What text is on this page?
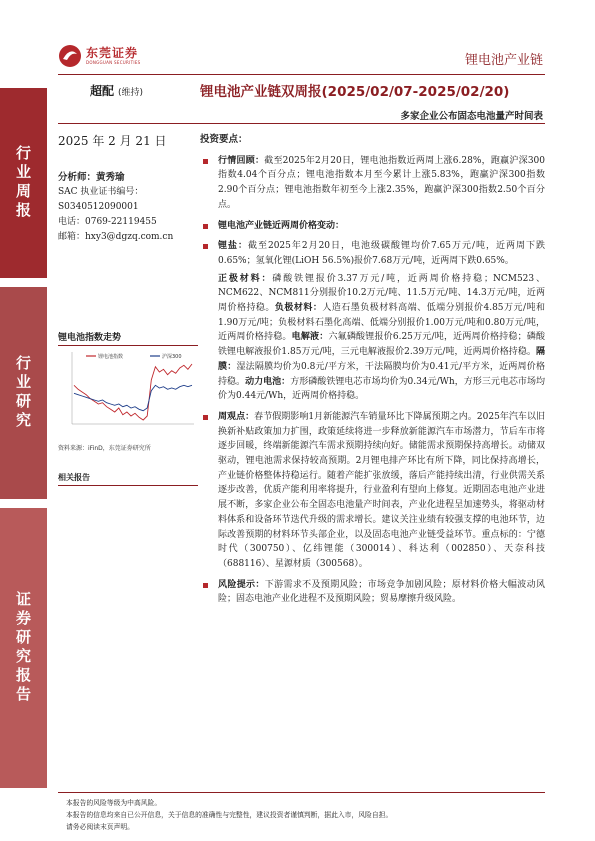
东莞证券
DONGGUAN SECURITIES	锂电池产业链
行业周报
行业研究
证券研究报告
超配 (维持)	锂电池产业链双周报(2025/02/07-2025/02/20)
多家企业公布固态电池量产时间表
2025 年 2 月 21 日
分析师：黄秀瑜
SAC 执业证书编号：
S0340512090001
电话：0769-22119455
邮箱：hxy3@dgzq.com.cn
锂电池指数走势
锂电池指数	沪深300
资料来源：iFinD，东莞证券研究所
相关报告
投资要点：
行情回顾：截至2025年2月20日，锂电池指数近两周上涨6.28%，跑赢沪深300指数4.04个百分点；锂电池指数本月至今累计上涨5.83%，跑赢沪深300指数2.90个百分点；锂电池指数年初至今上涨2.35%，跑赢沪深300指数2.50个百分点。
锂电池产业链近两周价格变动：
锂盐：截至2025年2月20日，电池级碳酸锂均价7.65万元/吨，近两周下跌0.65%；氢氧化锂(LiOH 56.5%)报价7.68万元/吨，近两周下跌0.65%。
正极材料：磷酸铁锂报价3.37万元/吨，近两周价格持稳；NCM523、NCM622、NCM811分别报价10.2万元/吨、11.5万元/吨、14.3万元/吨，近两周价格持稳。负极材料：人造石墨负极材料高端、低端分别报价4.85万元/吨和1.90万元/吨；负极材料石墨化高端、低端分别报价1.00万元/吨和0.80万元/吨，近两周价格持稳。电解液：六氟磷酸锂报价6.25万元/吨，近两周价格持稳；磷酸铁锂电解液报价1.85万元/吨，三元电解液报价2.39万元/吨，近两周价格持稳。隔膜：湿法隔膜均价为0.8元/平方米，干法隔膜均价为0.41元/平方米，近两周价格持稳。动力电池：方形磷酸铁锂电芯市场均价为0.34元/Wh，方形三元电芯市场均价为0.44元/Wh，近两周价格持稳。
周观点：春节假期影响1月新能源汽车销量环比下降属预期之内。2025年汽车以旧换新补贴政策加力扩围，政策延续将进一步释放新能源汽车市场潜力，节后车市将逐步回暖，终端新能源汽车需求预期持续向好。储能需求预期保持高增长。动储双驱动，锂电池需求保持较高预期。2月锂电排产环比有所下降，同比保持高增长，产业链价格整体持稳运行。随着产能扩张放缓，落后产能持续出清，行业供需关系逐步改善，优质产能利用率将提升，行业盈利有望向上修复。近期固态电池产业进展不断，多家企业公布全固态电池量产时间表，产业化进程呈加速势头，将驱动材料体系和设备环节迭代升级的需求增长。建议关注业绩有较强支撑的电池环节，边际改善预期的材料环节头部企业，以及固态电池产业链受益环节。重点标的：宁德时代（300750）、亿纬锂能（300014）、科达利（002850）、天奈科技（688116）、星源材质（300568）。
风险提示：下游需求不及预期风险；市场竞争加剧风险；原材料价格大幅波动风险；固态电池产业化进程不及预期风险；贸易摩擦升级风险。
本报告的风险等级为中高风险。
本报告的信息均来自已公开信息，关于信息的准确性与完整性，建议投资者谨慎判断，据此入市，风险自担。
请务必阅读末页声明。
